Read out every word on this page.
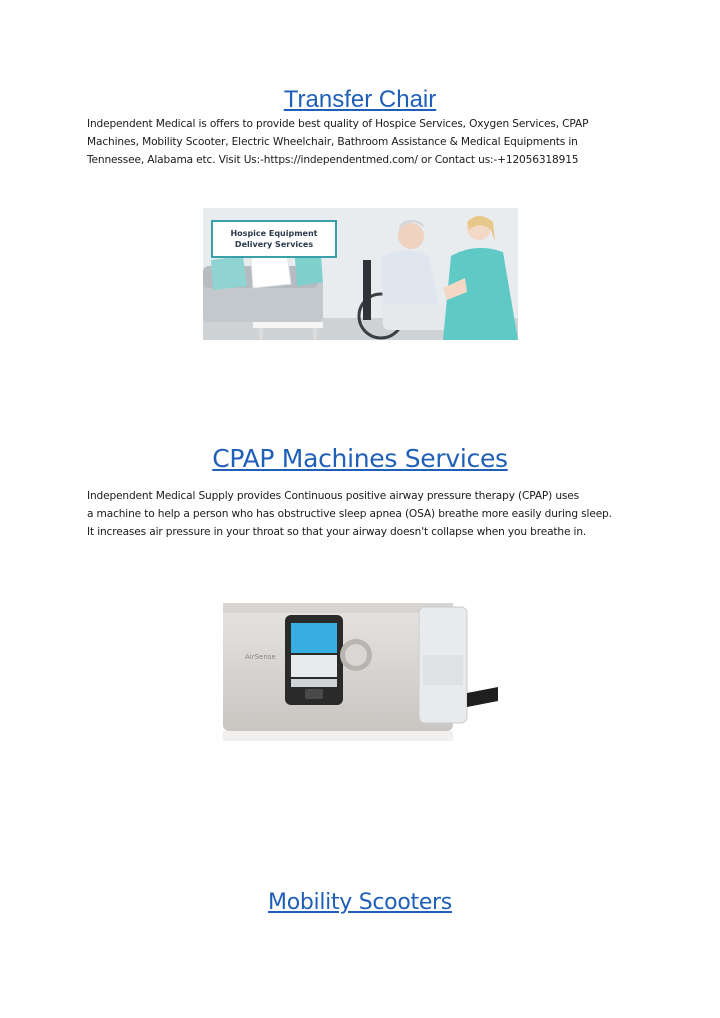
Transfer Chair
Independent Medical is offers to provide best quality of Hospice Services, Oxygen Services, CPAP
Machines, Mobility Scooter, Electric Wheelchair, Bathroom Assistance & Medical Equipments in
Tennessee, Alabama etc. Visit Us:-https://independentmed.com/ or Contact us:-+12056318915
Hospice Equipment
Delivery Services
CPAP Machines Services
Independent Medical Supply provides Continuous positive airway pressure therapy (CPAP) uses
a machine to help a person who has obstructive sleep apnea (OSA) breathe more easily during sleep.
It increases air pressure in your throat so that your airway doesn't collapse when you breathe in.
AirSense
Mobility Scooters
